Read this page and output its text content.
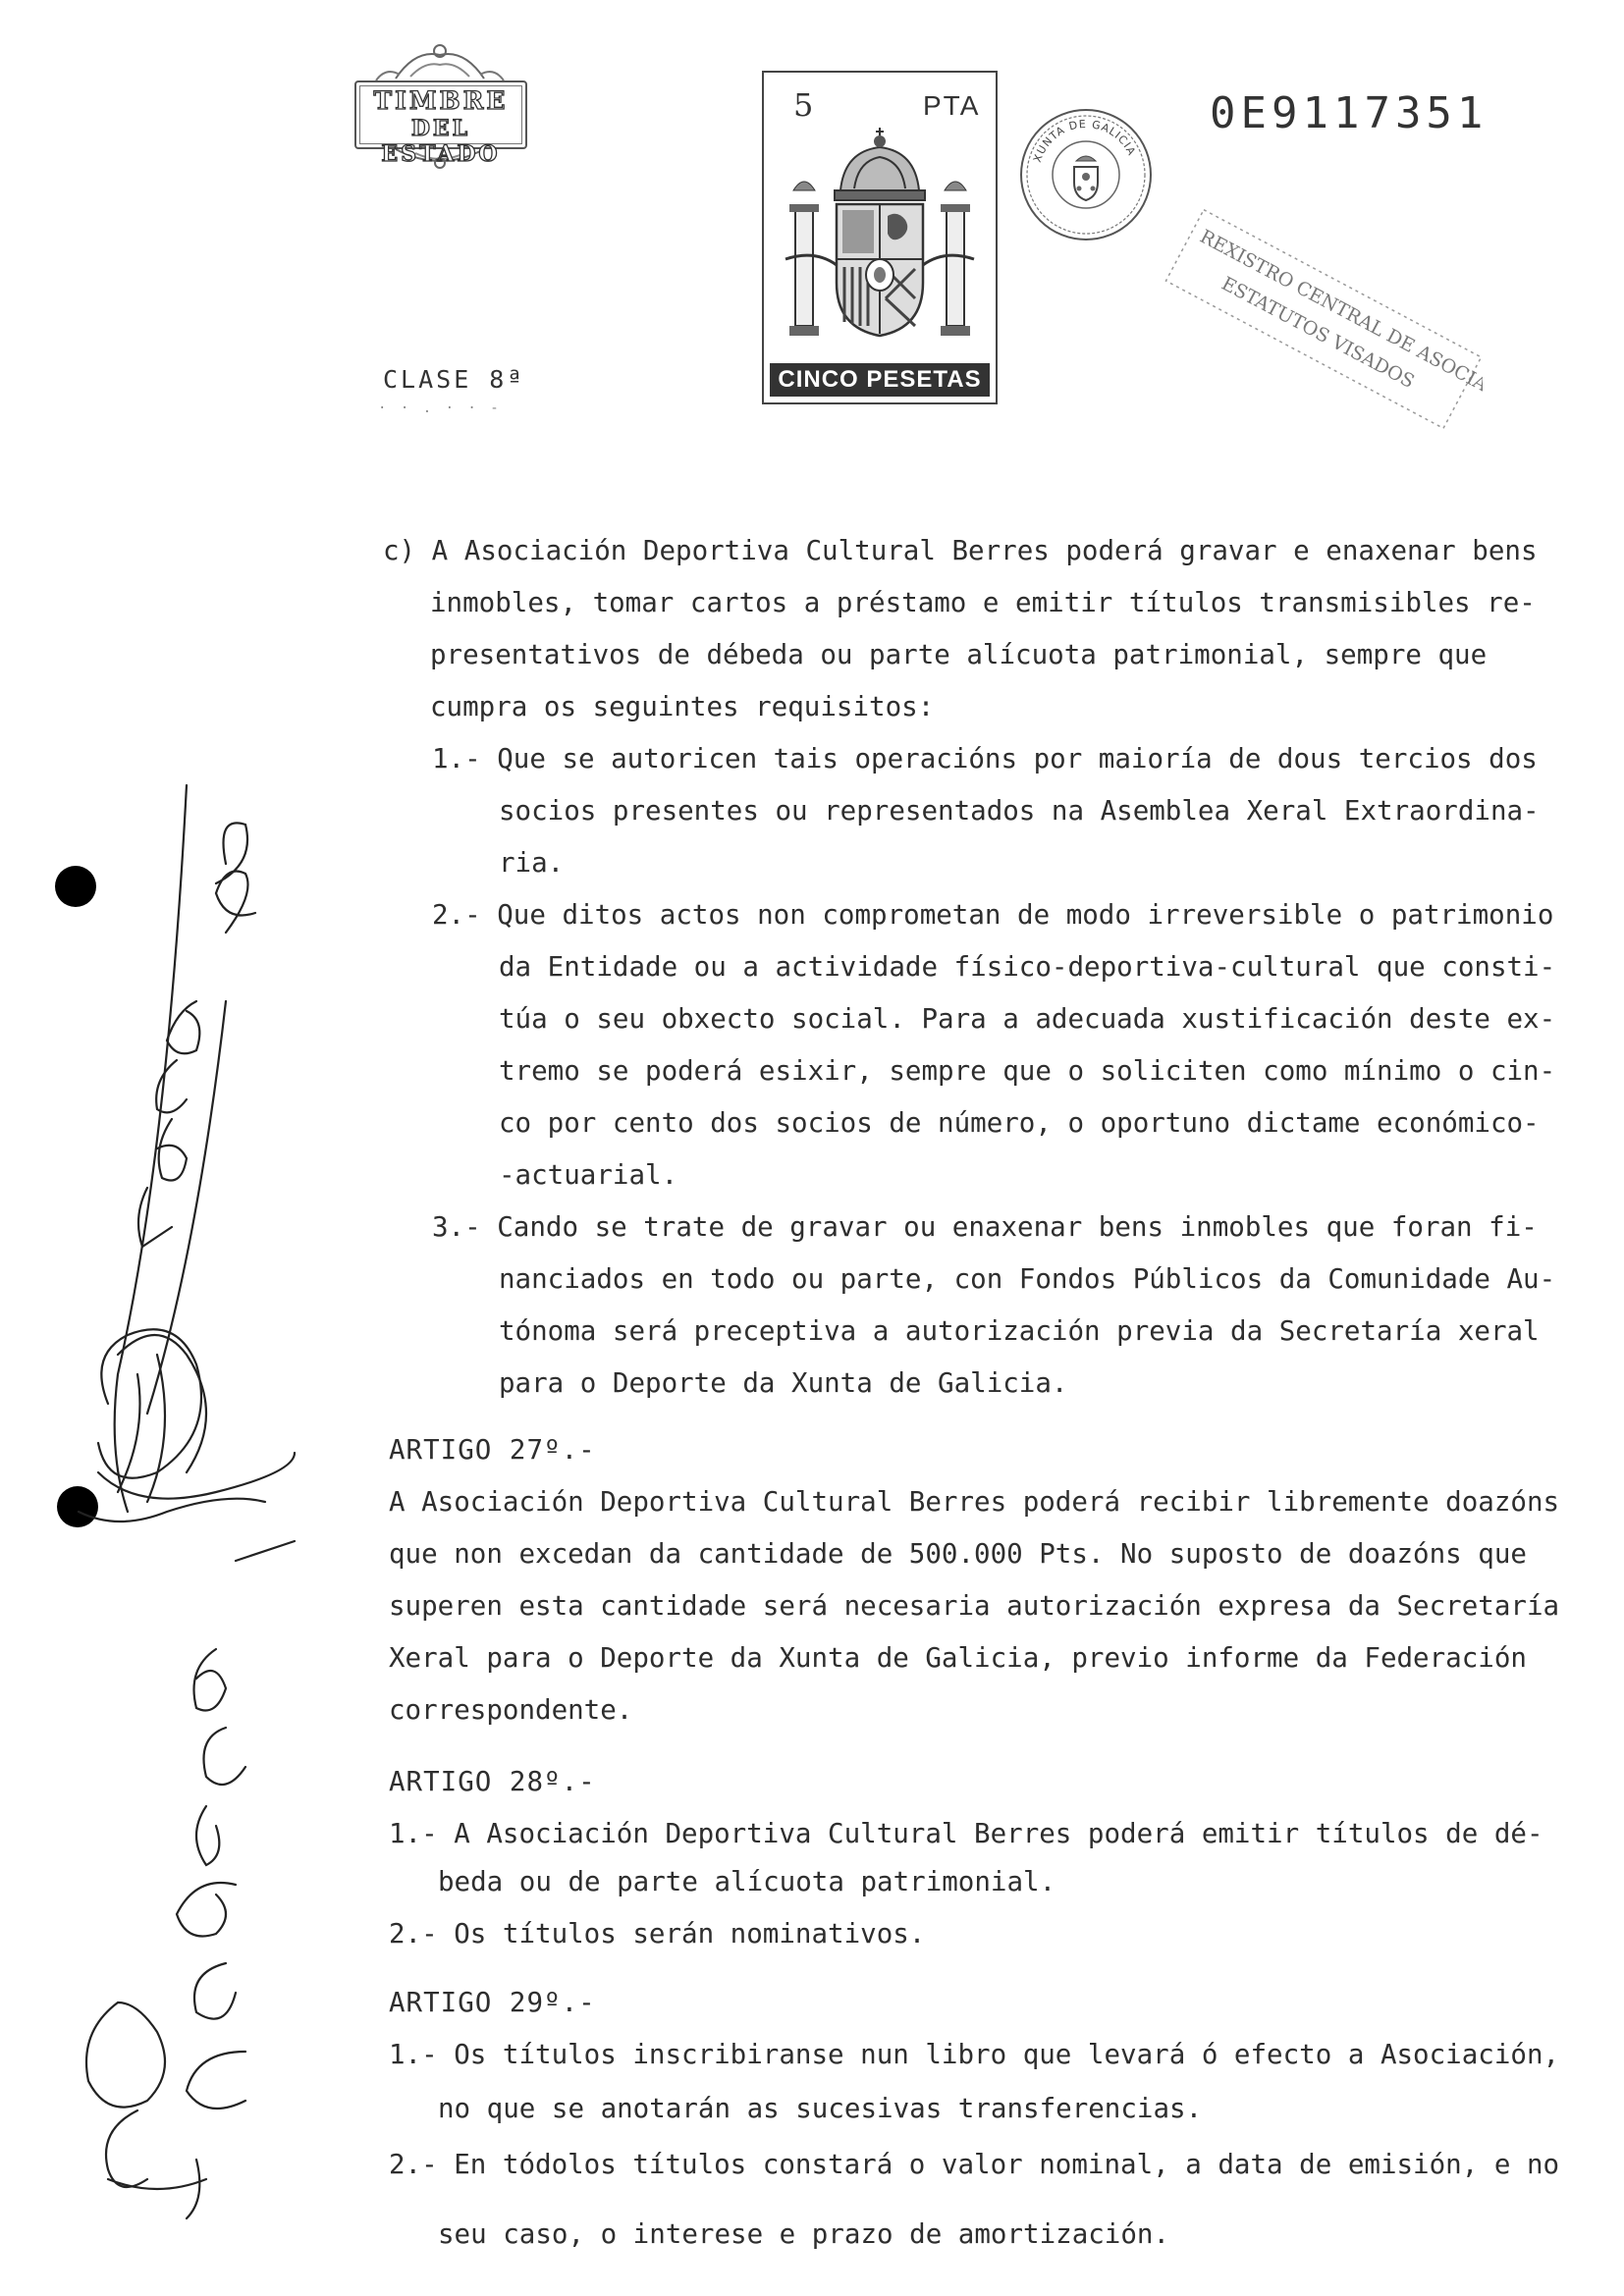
TIMBRE
DEL ESTADO
CLASE 8ª
· · . · · -
5	PTA
CINCO PESETAS
XUNTA DE GALICIA
0E9117351
REXISTRO CENTRAL DE ASOCIACIÓNS
ESTATUTOS VISADOS
c) A Asociación Deportiva Cultural Berres poderá gravar e enaxenar bens
inmobles, tomar cartos a préstamo e emitir títulos transmisibles re-
presentativos de débeda ou parte alícuota patrimonial, sempre que
cumpra os seguintes requisitos:
1.- Que se autoricen tais operacións por maioría de dous tercios dos
socios presentes ou representados na Asemblea Xeral Extraordina-
ria.
2.- Que ditos actos non comprometan de modo irreversible o patrimonio
da Entidade ou a actividade físico-deportiva-cultural que consti-
túa o seu obxecto social. Para a adecuada xustificación deste ex-
tremo se poderá esixir, sempre que o soliciten como mínimo o cin-
co por cento dos socios de número, o oportuno dictame económico-
-actuarial.
3.- Cando se trate de gravar ou enaxenar bens inmobles que foran fi-
nanciados en todo ou parte, con Fondos Públicos da Comunidade Au-
tónoma será preceptiva a autorización previa da Secretaría xeral
para o Deporte da Xunta de Galicia.
ARTIGO 27º.-
A Asociación Deportiva Cultural Berres poderá recibir libremente doazóns
que non excedan da cantidade de 500.000 Pts. No suposto de doazóns que
superen esta cantidade será necesaria autorización expresa da Secretaría
Xeral para o Deporte da Xunta de Galicia, previo informe da Federación
correspondente.
ARTIGO 28º.-
1.- A Asociación Deportiva Cultural Berres poderá emitir títulos de dé-
beda ou de parte alícuota patrimonial.
2.- Os títulos serán nominativos.
ARTIGO 29º.-
1.- Os títulos inscribiranse nun libro que levará ó efecto a Asociación,
no que se anotarán as sucesivas transferencias.
2.- En tódolos títulos constará o valor nominal, a data de emisión, e no
seu caso, o interese e prazo de amortización.
